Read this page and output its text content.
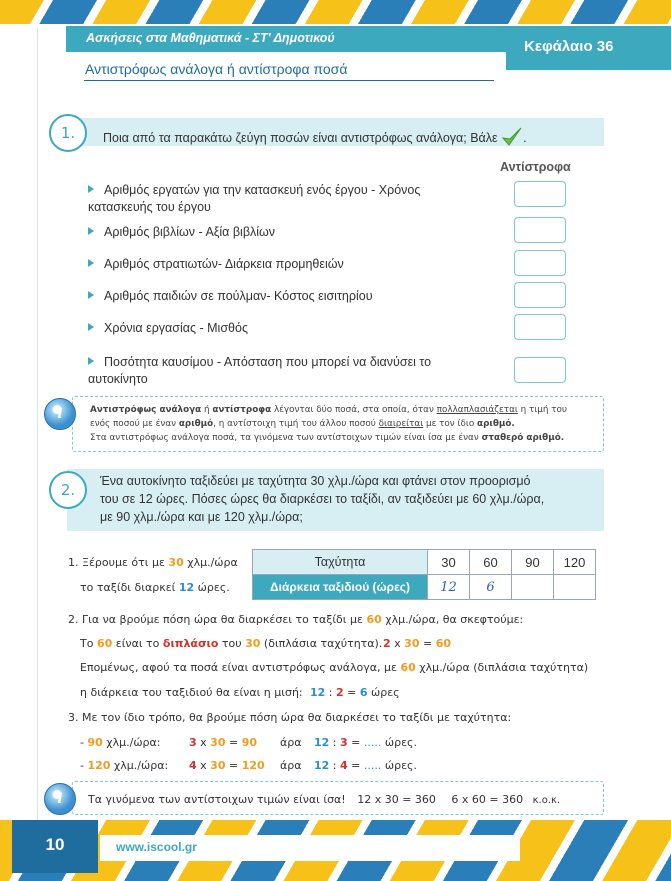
Ασκήσεις στα Μαθηματικά - ΣΤ' Δημοτικού	Κεφάλαιο 36
Αντιστρόφως ανάλογα ή αντίστροφα ποσά
1.	Ποια από τα παρακάτω ζεύγη ποσών είναι αντιστρόφως ανάλογα; Βάλε .
Αντίστροφα
Αριθμός εργατών για την κατασκευή ενός έργου - Χρόνος κατασκευής του έργου
Αριθμός βιβλίων - Αξία βιβλίων
Αριθμός στρατιωτών- Διάρκεια προμηθειών
Αριθμός παιδιών σε πούλμαν- Κόστος εισιτηρίου
Χρόνια εργασίας - Μισθός
Ποσότητα καυσίμου - Απόσταση που μπορεί να διανύσει το αυτοκίνητο
i	Αντιστρόφως ανάλογα ή αντίστροφα λέγονται δύο ποσά, στα οποία, όταν πολλαπλασιάζεται η τιμή του
ενός ποσού με έναν αριθμό, η αντίστοιχη τιμή του άλλου ποσού διαιρείται με τον ίδιο αριθμό.
Στα αντιστρόφως ανάλογα ποσά, τα γινόμενα των αντίστοιχων τιμών είναι ίσα με έναν σταθερό αριθμό.
2.	Ένα αυτοκίνητο ταξιδεύει με ταχύτητα 30 χλμ./ώρα και φτάνει στον προορισμό
του σε 12 ώρες. Πόσες ώρες θα διαρκέσει το ταξίδι, αν ταξιδεύει με 60 χλμ./ώρα,
με 90 χλμ./ώρα και με 120 χλμ./ώρα;
1. Ξέρουμε ότι με 30 χλμ./ώρα
το ταξίδι διαρκεί 12 ώρες.
Ταχύτητα	30	60	90	120
Διάρκεια ταξιδιού (ώρες)	12	6		
2. Για να βρούμε πόση ώρα θα διαρκέσει το ταξίδι με 60 χλμ./ώρα, θα σκεφτούμε:
Το 60 είναι το διπλάσιο του 30 (διπλάσια ταχύτητα). 2 x 30 = 60
Επομένως, αφού τα ποσά είναι αντιστρόφως ανάλογα, με 60 χλμ./ώρα (διπλάσια ταχύτητα)
η διάρκεια του ταξιδιού θα είναι η μισή: 12 : 2 = 6 ώρες
3. Με τον ίδιο τρόπο, θα βρούμε πόση ώρα θα διαρκέσει το ταξίδι με ταχύτητα:
- 90 χλμ./ώρα:	3 x 30 = 90 άρα 12 : 3 = ..... ώρες.
- 120 χλμ./ώρα: 4 x 30 = 120 άρα 12 : 4 = ..... ώρες.
i	Τα γινόμενα των αντίστοιχων τιμών είναι ίσα! 12 x 30 = 360 6 x 60 = 360 κ.ο.κ.
10	www.iscool.gr
